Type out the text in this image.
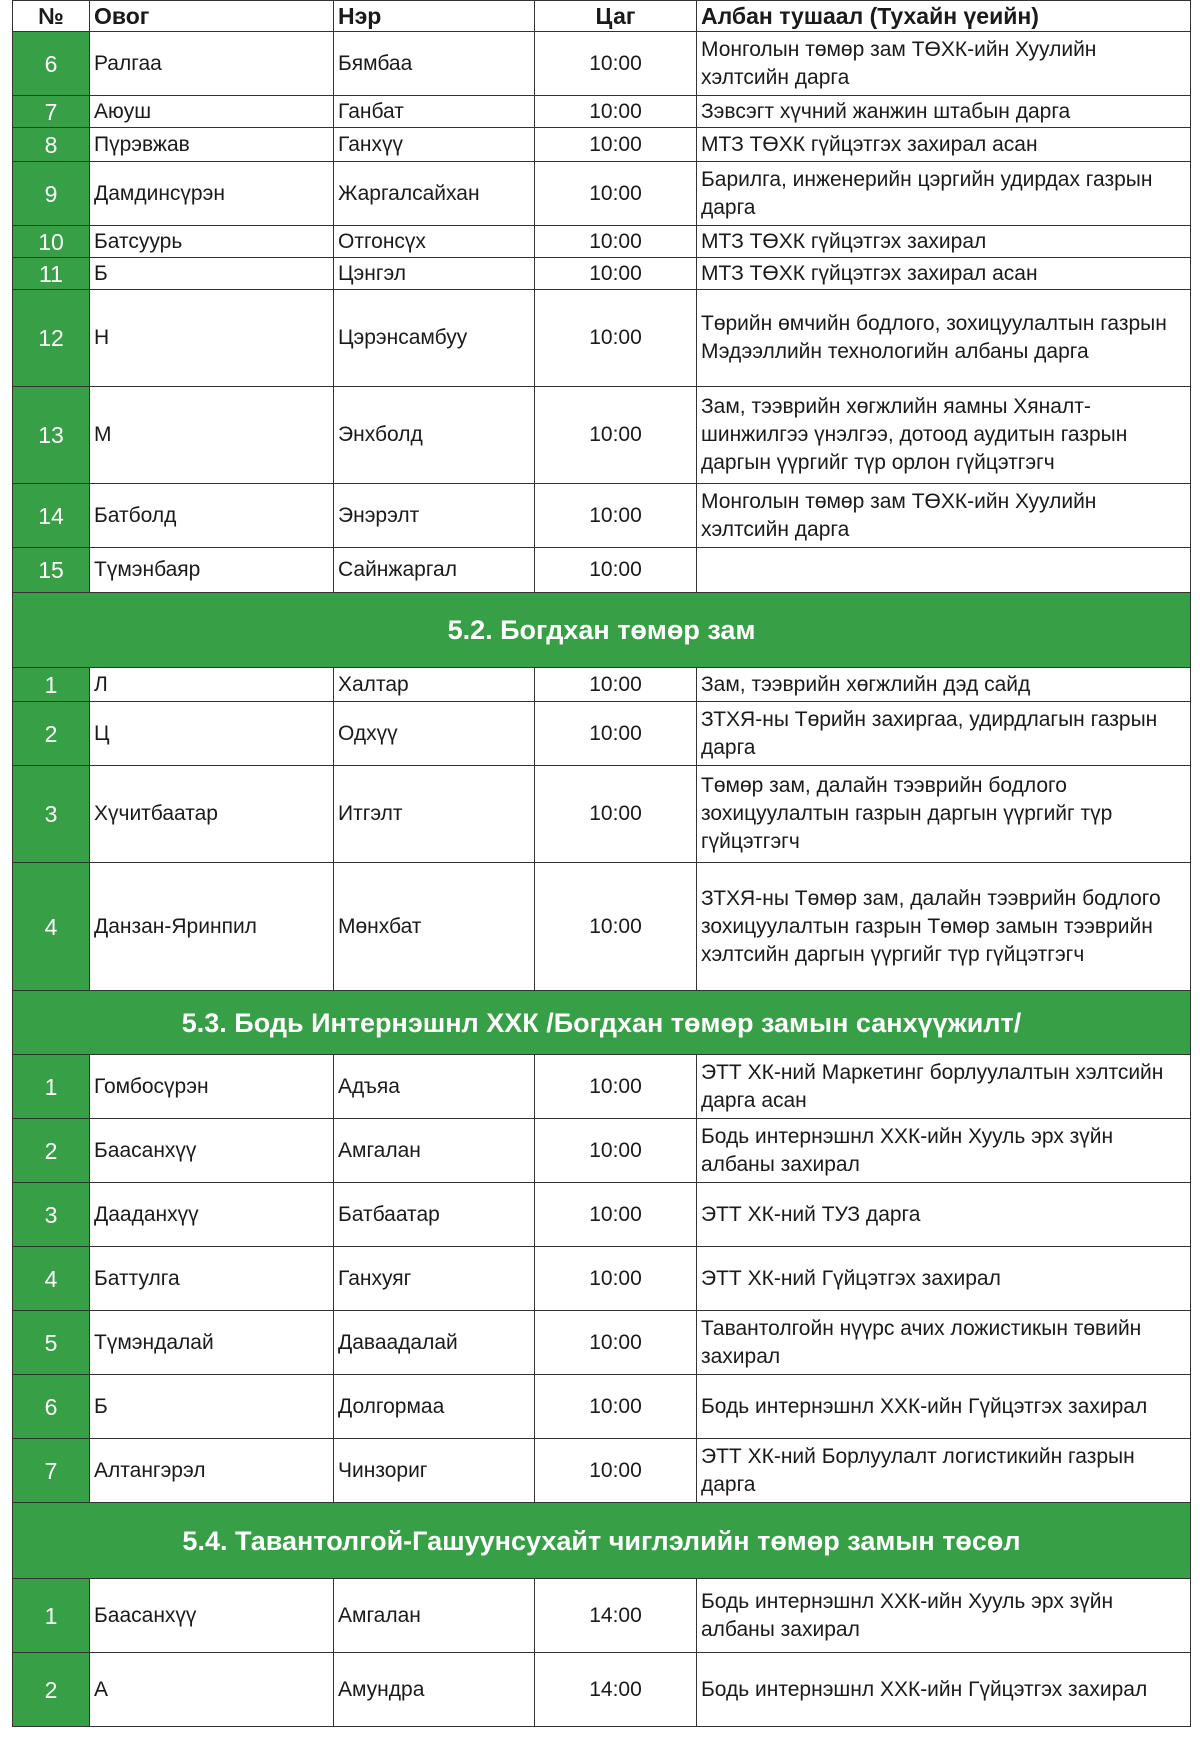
№	Овог	Нэр	Цаг	Албан тушаал (Тухайн үеийн)
6	Ралгаа	Бямбаа	10:00	Монголын төмөр зам ТӨХК-ийн Хуулийн хэлтсийн дарга
7	Аюуш	Ганбат	10:00	Зэвсэгт хүчний жанжин штабын дарга
8	Пүрэвжав	Ганхүү	10:00	МТЗ ТӨХК гүйцэтгэх захирал асан
9	Дамдинсүрэн	Жаргалсайхан	10:00	Барилга, инженерийн цэргийн удирдах газрын дарга
10	Батсуурь	Отгонсүх	10:00	МТЗ ТӨХК гүйцэтгэх захирал
11	Б	Цэнгэл	10:00	МТЗ ТӨХК гүйцэтгэх захирал асан
12	Н	Цэрэнсамбуу	10:00	Төрийн өмчийн бодлого, зохицуулалтын газрын Мэдээллийн технологийн албаны дарга
13	М	Энхболд	10:00	Зам, тээврийн хөгжлийн яамны Хяналт-шинжилгээ үнэлгээ, дотоод аудитын газрын даргын үүргийг түр орлон гүйцэтгэгч
14	Батболд	Энэрэлт	10:00	Монголын төмөр зам ТӨХК-ийн Хуулийн хэлтсийн дарга
15	Түмэнбаяр	Сайнжаргал	10:00	
5.2. Богдхан төмөр зам				
1	Л	Халтар	10:00	Зам, тээврийн хөгжлийн дэд сайд
2	Ц	Одхүү	10:00	ЗТХЯ-ны Төрийн захиргаа, удирдлагын газрын дарга
3	Хүчитбаатар	Итгэлт	10:00	Төмөр зам, далайн тээврийн бодлого зохицуулалтын газрын даргын үүргийг түр гүйцэтгэгч
4	Данзан-Яринпил	Мөнхбат	10:00	ЗТХЯ-ны Төмөр зам, далайн тээврийн бодлого зохицуулалтын газрын Төмөр замын тээврийн хэлтсийн даргын үүргийг түр гүйцэтгэгч
5.3. Бодь Интернэшнл ХХК /Богдхан төмөр замын санхүүжилт/				
1	Гомбосүрэн	Адъяа	10:00	ЭТТ ХК-ний Маркетинг борлуулалтын хэлтсийн дарга асан
2	Баасанхүү	Амгалан	10:00	Бодь интернэшнл ХХК-ийн Хууль эрх зүйн албаны захирал
3	Дааданхүү	Батбаатар	10:00	ЭТТ ХК-ний ТУЗ дарга
4	Баттулга	Ганхуяг	10:00	ЭТТ ХК-ний Гүйцэтгэх захирал
5	Түмэндалай	Даваадалай	10:00	Тавантолгойн нүүрс ачих ложистикын төвийн захирал
6	Б	Долгормаа	10:00	Бодь интернэшнл ХХК-ийн Гүйцэтгэх захирал
7	Алтангэрэл	Чинзориг	10:00	ЭТТ ХК-ний Борлуулалт логистикийн газрын дарга
5.4. Тавантолгой-Гашуунсухайт чиглэлийн төмөр замын төсөл				
1	Баасанхүү	Амгалан	14:00	Бодь интернэшнл ХХК-ийн Хууль эрх зүйн албаны захирал
2	А	Амундра	14:00	Бодь интернэшнл ХХК-ийн Гүйцэтгэх захирал
МОНГОЛ УЛСЫН ИХ ХУРАЛ
